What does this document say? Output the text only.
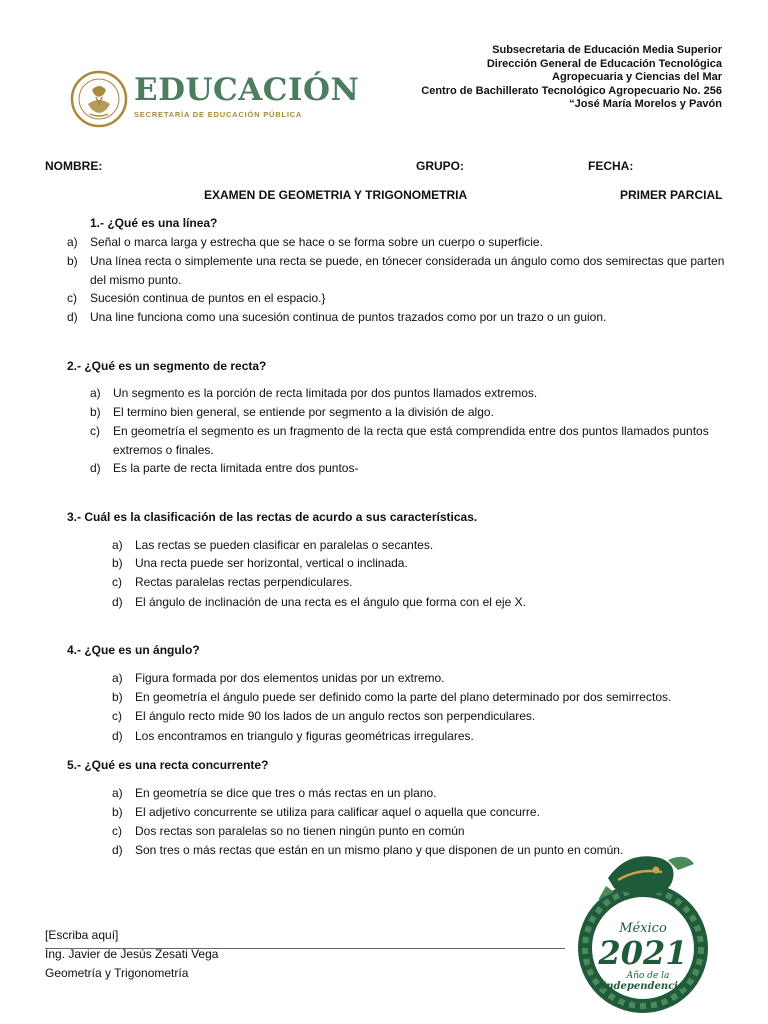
EDUCACIÓN
SECRETARÍA DE EDUCACIÓN PÚBLICA
Subsecretaria de Educación Media Superior
Dirección General de Educación Tecnológica
Agropecuaria y Ciencias del Mar
Centro de Bachillerato Tecnológico Agropecuario No. 256
“José María Morelos y Pavón
NOMBRE:	GRUPO:	FECHA:
EXAMEN DE GEOMETRIA Y TRIGONOMETRIA	PRIMER PARCIAL
1.- ¿Qué es una línea?
a) Señal o marca larga y estrecha que se hace o se forma sobre un cuerpo o superficie.
b) Una línea recta o simplemente una recta se puede, en tónecer considerada un ángulo como dos semirectas que parten del mismo punto.
c) Sucesión continua de puntos en el espacio.}
d) Una line funciona como una sucesión continua de puntos trazados como por un trazo o un guion.
2.- ¿Qué es un segmento de recta?
a) Un segmento es la porción de recta limitada por dos puntos llamados extremos.
b) El termino bien general, se entiende por segmento a la división de algo.
c) En geometría el segmento es un fragmento de la recta que está comprendida entre dos puntos llamados puntos extremos o finales.
d) Es la parte de recta limitada entre dos puntos-
3.- Cuál es la clasificación de las rectas de acurdo a sus características.
a) Las rectas se pueden clasificar en paralelas o secantes.
b) Una recta puede ser horizontal, vertical o inclinada.
c) Rectas paralelas rectas perpendiculares.
d) El ángulo de inclinación de una recta es el ángulo que forma con el eje X.
4.- ¿Que es un ángulo?
a) Figura formada por dos elementos unidas por un extremo.
b) En geometría el ángulo puede ser definido como la parte del plano determinado por dos semirrectos.
c) El ángulo recto mide 90 los lados de un angulo rectos son perpendiculares.
d) Los encontramos en triangulo y figuras geométricas irregulares.
5.- ¿Qué es una recta concurrente?
a) En geometría se dice que tres o más rectas en un plano.
b) El adjetivo concurrente se utiliza para calificar aquel o aquella que concurre.
c) Dos rectas son paralelas so no tienen ningún punto en común
d) Son tres o más rectas que están en un mismo plano y que disponen de un punto en común.
[Escriba aquí]
Ing. Javier de Jesús Zesati Vega
Geometría y Trigonometría
México
2021
Año de la
Independencia
